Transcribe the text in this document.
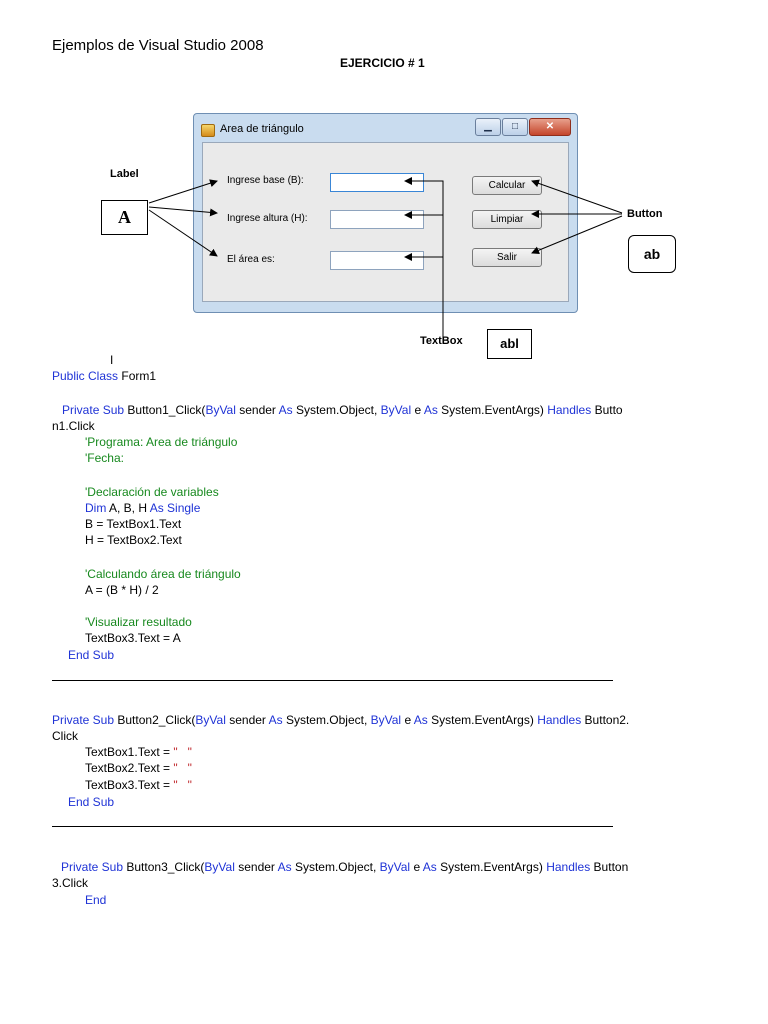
Ejemplos de Visual Studio 2008
EJERCICIO # 1
Area de triángulo	▁	□	✕
Ingrese base (B):
Ingrese altura (H):
El área es:
Calcular
Limpiar
Salir
Label
A	Button
ab
TextBox	abl
I
Public Class Form1
Private Sub Button1_Click(ByVal sender As System.Object, ByVal e As System.EventArgs) Handles Butto
n1.Click
'Programa: Area de triángulo
'Fecha:
'Declaración de variables
Dim A, B, H As Single
B = TextBox1.Text
H = TextBox2.Text
'Calculando área de triángulo
A = (B * H) / 2
'Visualizar resultado
TextBox3.Text = A
End Sub
Private Sub Button2_Click(ByVal sender As System.Object, ByVal e As System.EventArgs) Handles Button2.
Click
TextBox1.Text = "   "
TextBox2.Text = "   "
TextBox3.Text = "   "
End Sub
Private Sub Button3_Click(ByVal sender As System.Object, ByVal e As System.EventArgs) Handles Button
3.Click
End
